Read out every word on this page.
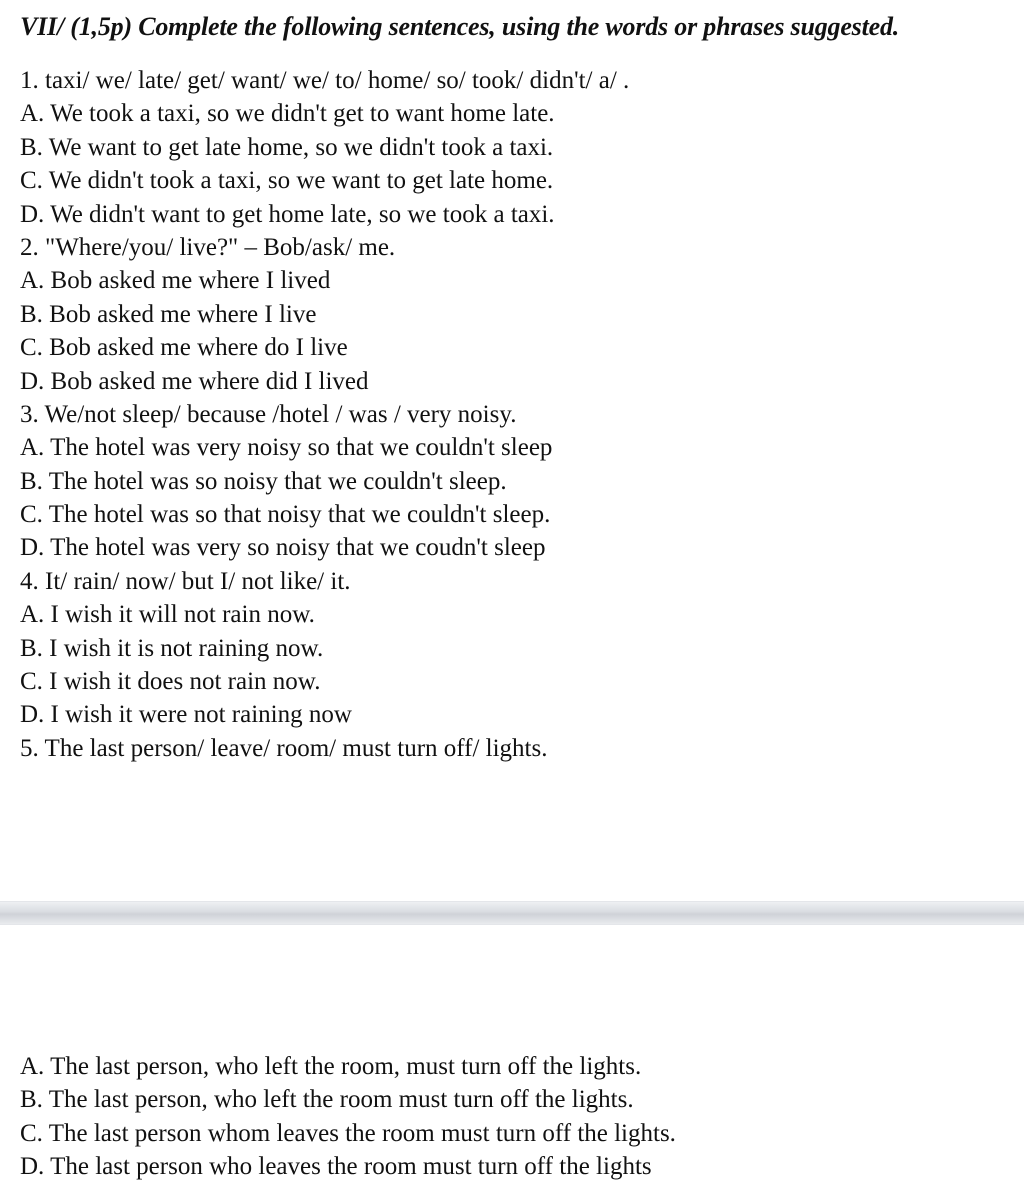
VII/ (1,5p) Complete the following sentences, using the words or phrases suggested.
1. taxi/ we/ late/ get/ want/ we/ to/ home/ so/ took/ didn't/ a/ .
A. We took a taxi, so we didn't get to want home late.
B. We want to get late home, so we didn't took a taxi.
C. We didn't took a taxi, so we want to get late home.
D. We didn't want to get home late, so we took a taxi.
2. "Where/you/ live?" – Bob/ask/ me.
A. Bob asked me where I lived
B. Bob asked me where I live
C. Bob asked me where do I live
D. Bob asked me where did I lived
3. We/not sleep/ because /hotel / was / very noisy.
A. The hotel was very noisy so that we couldn't sleep
B. The hotel was so noisy that we couldn't sleep.
C. The hotel was so that noisy that we couldn't sleep.
D. The hotel was very so noisy that we coudn't sleep
4. It/ rain/ now/ but I/ not like/ it.
A. I wish it will not rain now.
B. I wish it is not raining now.
C. I wish it does not rain now.
D. I wish it were not raining now
5. The last person/ leave/ room/ must turn off/ lights.
A. The last person, who left the room, must turn off the lights.
B. The last person, who left the room must turn off the lights.
C. The last person whom leaves the room must turn off the lights.
D. The last person who leaves the room must turn off the lights
